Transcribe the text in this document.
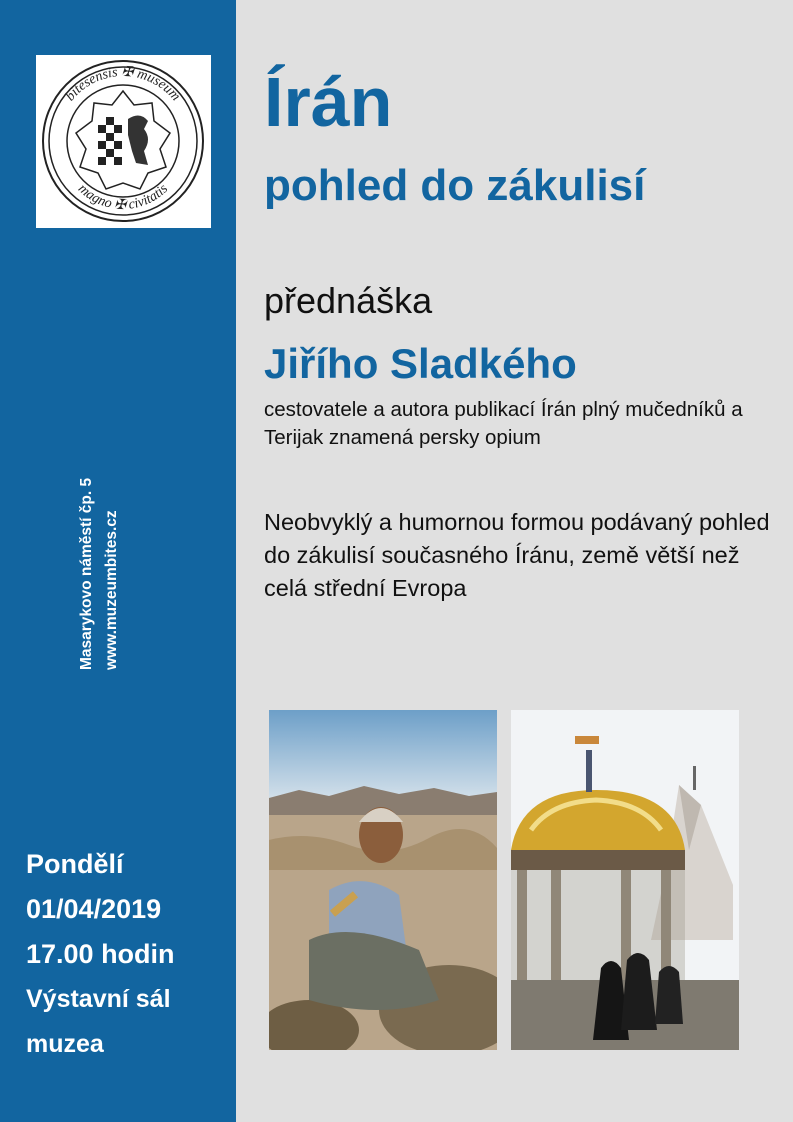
bitesensis ✠ museum
magno ✠ civitatis
Masarykovo náměstí čp. 5 www.muzeumbites.cz
Pondělí
01/04/2019
17.00 hodin
Výstavní sál
muzea
Írán
pohled do zákulisí
přednáška
Jiřího Sladkého
cestovatele a autora publikací Írán plný mučedníků a Terijak znamená persky opium
Neobvyklý a humornou formou podávaný pohled do zákulisí současného Íránu, země větší než celá střední Evropa
